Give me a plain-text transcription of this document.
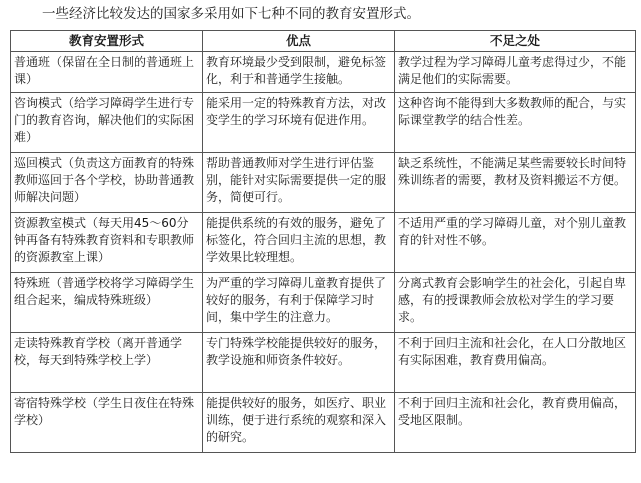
一些经济比较发达的国家多采用如下七种不同的教育安置形式。
教育安置形式	优点	不足之处
普通班（保留在全日制的普通班上课）	教育环境最少受到限制，避免标签化，利于和普通学生接触。	教学过程为学习障碍儿童考虑得过少，不能满足他们的实际需要。
咨询模式（给学习障碍学生进行专门的教育咨询，解决他们的实际困难）	能采用一定的特殊教育方法，对改变学生的学习环境有促进作用。	这种咨询不能得到大多数教师的配合，与实际课堂教学的结合性差。
巡回模式（负责这方面教育的特殊教师巡回于各个学校，协助普通教师解决问题）	帮助普通教师对学生进行评估鉴别，能针对实际需要提供一定的服务，简便可行。	缺乏系统性，不能满足某些需要较长时间特殊训练者的需要，教材及资料搬运不方便。
资源教室模式（每天用45～60分钟再备有特殊教育资料和专职教师的资源教室上课）	能提供系统的有效的服务，避免了标签化，符合回归主流的思想，教学效果比较理想。	不适用严重的学习障碍儿童，对个别儿童教育的针对性不够。
特殊班（普通学校将学习障碍学生组合起来，编成特殊班级）	为严重的学习障碍儿童教育提供了较好的服务，有利于保障学习时间，集中学生的注意力。	分离式教育会影响学生的社会化，引起自卑感，有的授课教师会放松对学生的学习要求。
走读特殊教育学校（离开普通学校，每天到特殊学校上学）	专门特殊学校能提供较好的服务，教学设施和师资条件较好。	不利于回归主流和社会化，在人口分散地区有实际困难，教育费用偏高。
寄宿特殊学校（学生日夜住在特殊学校）	能提供较好的服务，如医疗、职业训练，便于进行系统的观察和深入的研究。	不利于回归主流和社会化，教育费用偏高，受地区限制。
